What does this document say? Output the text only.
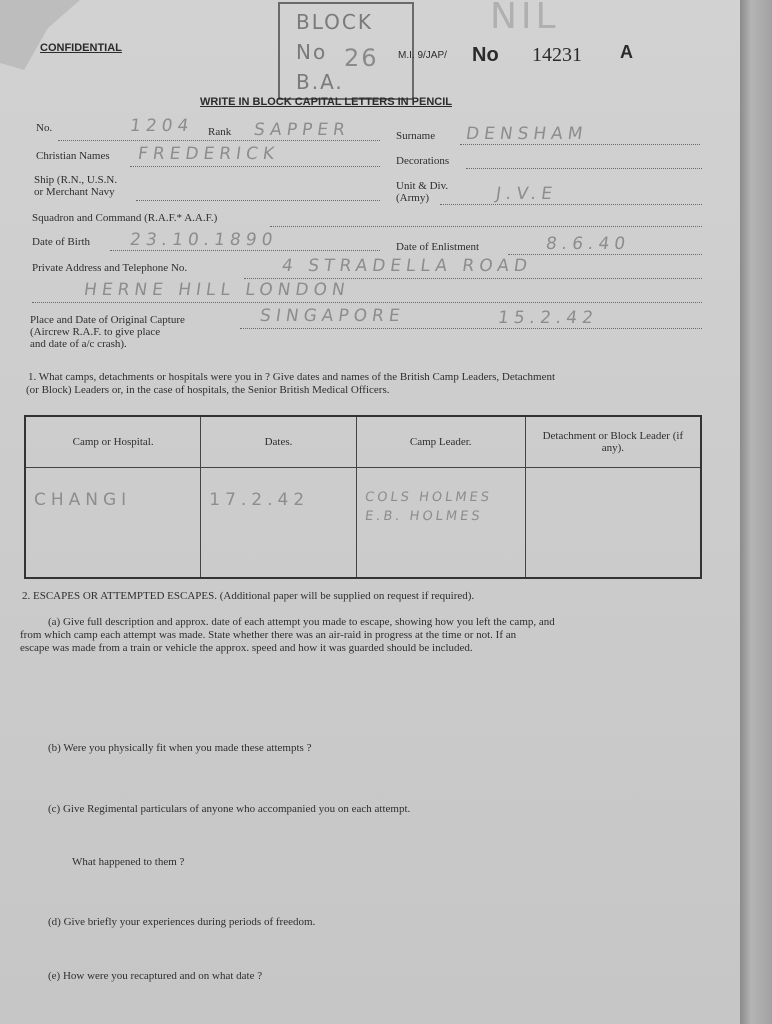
CONFIDENTIAL
BLOCK
No 26
B.A.
NIL
M.I. 9/JAP/ No 14231 A
WRITE IN BLOCK CAPITAL LETTERS IN PENCIL
No.	1204 Rank SAPPER	Surname DENSHAM
Christian Names FREDERICK	Decorations
Ship (R.N., U.S.N.
or Merchant Navy	Unit & Div.
(Army)	J.V.E
Squadron and Command (R.A.F.* A.A.F.)
Date of Birth 23.10.1890	Date of Enlistment	8.6.40
Private Address and Telephone No.	4 STRADELLA ROAD
HERNE HILL LONDON
Place and Date of Original Capture
(Aircrew R.A.F. to give place
and date of a/c crash).
SINGAPORE	15.2.42
1. What camps, detachments or hospitals were you in ? Give dates and names of the British Camp Leaders, Detachment
(or Block) Leaders or, in the case of hospitals, the Senior British Medical Officers.
Camp or Hospital.	Dates.	Camp Leader.	Detachment or Block Leader (if any).
CHANGI	17.2.42	COLS HOLMES
E.B. HOLMES	

2. ESCAPES OR ATTEMPTED ESCAPES. (Additional paper will be supplied on request if required).
(a) Give full description and approx. date of each attempt you made to escape, showing how you left the camp, and
from which camp each attempt was made. State whether there was an air-raid in progress at the time or not. If an
escape was made from a train or vehicle the approx. speed and how it was guarded should be included.
(b) Were you physically fit when you made these attempts ?
(c) Give Regimental particulars of anyone who accompanied you on each attempt.
What happened to them ?
(d) Give briefly your experiences during periods of freedom.
(e) How were you recaptured and on what date ?
